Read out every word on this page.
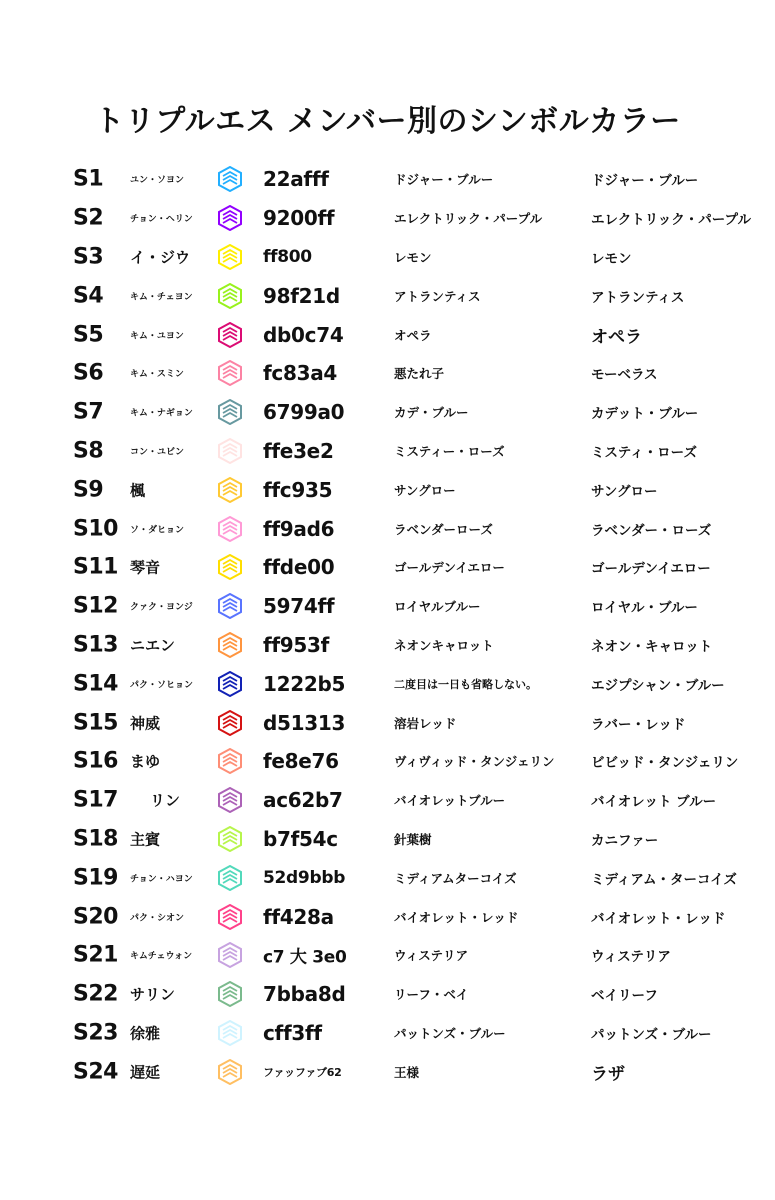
トリプルエス メンバー別のシンボルカラー
S1	ユン・ソヨン	22afff	ドジャー・ブルー	ドジャー・ブルー
S2	チョン・ヘリン	9200ff	エレクトリック・パープル	エレクトリック・パープル
S3 イ・ジウ	ff800	レモン	レモン
S4	キム・チェヨン	98f21d	アトランティス	アトランティス
S5	キム・ユヨン	db0c74	オペラ	オペラ
S6	キム・スミン	fc83a4	悪たれ子	モーベラス
S7	キム・ナギョン	6799a0	カデ・ブルー	カデット・ブルー
S8	コン・ユビン	ffe3e2	ミスティー・ローズ	ミスティ・ローズ
S9 楓	ffc935	サングロー	サングロー
S10 ソ・ダヒョン	ff9ad6	ラベンダーローズ	ラベンダー・ローズ
S11 琴音	ffde00	ゴールデンイエロー	ゴールデンイエロー
S12 クァク・ヨンジ	5974ff	ロイヤルブルー	ロイヤル・ブルー
S13 ニエン	ff953f	ネオンキャロット	ネオン・キャロット
S14 パク・ソヒョン	1222b5	二度目は一日も省略しない。	エジプシャン・ブルー
S15 神威	d51313	溶岩レッド	ラバー・レッド
S16 まゆ	fe8e76	ヴィヴィッド・タンジェリン	ビビッド・タンジェリン
S17 リン	ac62b7	バイオレットブルー	バイオレット ブルー
S18 主賓	b7f54c	針葉樹	カニファー
S19 チョン・ハヨン	52d9bbb	ミディアムターコイズ	ミディアム・ターコイズ
S20 パク・シオン	ff428a	バイオレット・レッド	バイオレット・レッド
S21 キムチェウォン	c7 大 3e0	ウィステリア	ウィステリア
S22 サリン	7bba8d	リーフ・ベイ	ベイリーフ
S23 徐雅	cff3ff	パットンズ・ブルー	パットンズ・ブルー
S24 遅延	ファッファブ62	王様	ラザ
